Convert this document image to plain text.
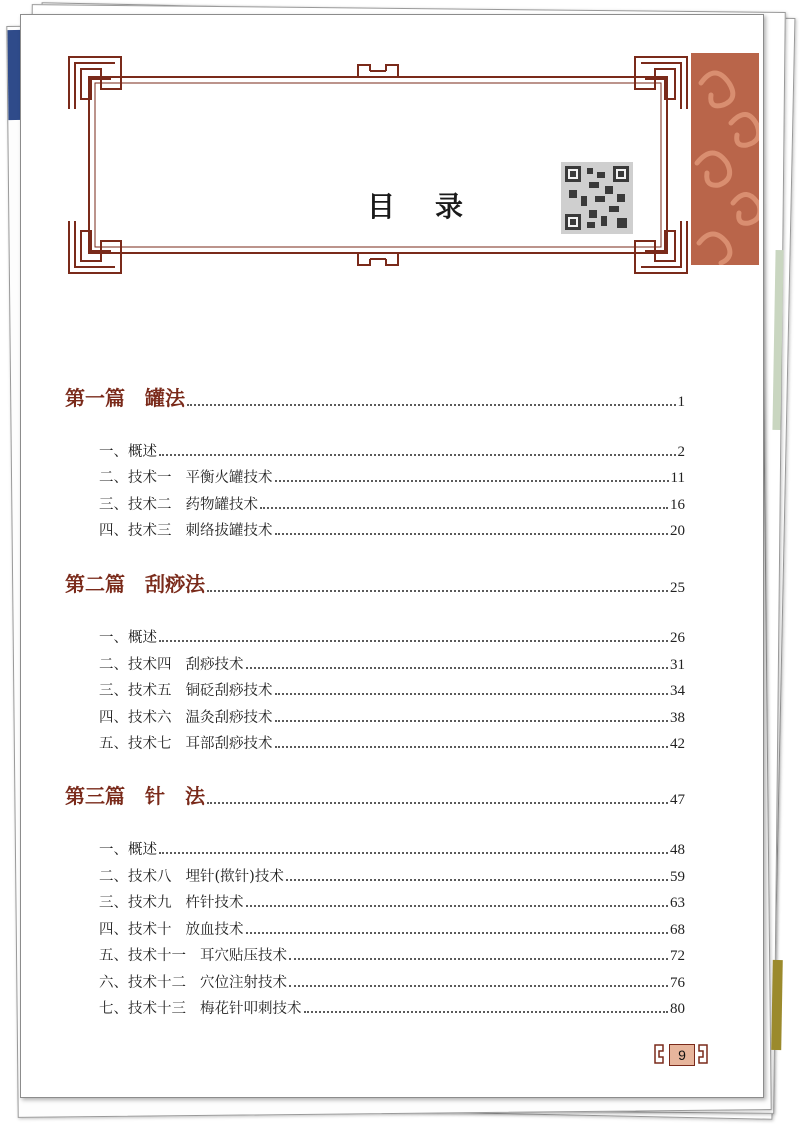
目录
第一篇 罐法	1
一、概述	2
二、技术一 平衡火罐技术	11
三、技术二 药物罐技术	16
四、技术三 刺络拔罐技术	20
第二篇 刮痧法	25
一、概述	26
二、技术四 刮痧技术	31
三、技术五 铜砭刮痧技术	34
四、技术六 温灸刮痧技术	38
五、技术七 耳部刮痧技术	42
第三篇 针　法	47
一、概述	48
二、技术八 埋针(揿针)技术	59
三、技术九 杵针技术	63
四、技术十 放血技术	68
五、技术十一 耳穴贴压技术	72
六、技术十二 穴位注射技术	76
七、技术十三 梅花针叩刺技术	80
9
